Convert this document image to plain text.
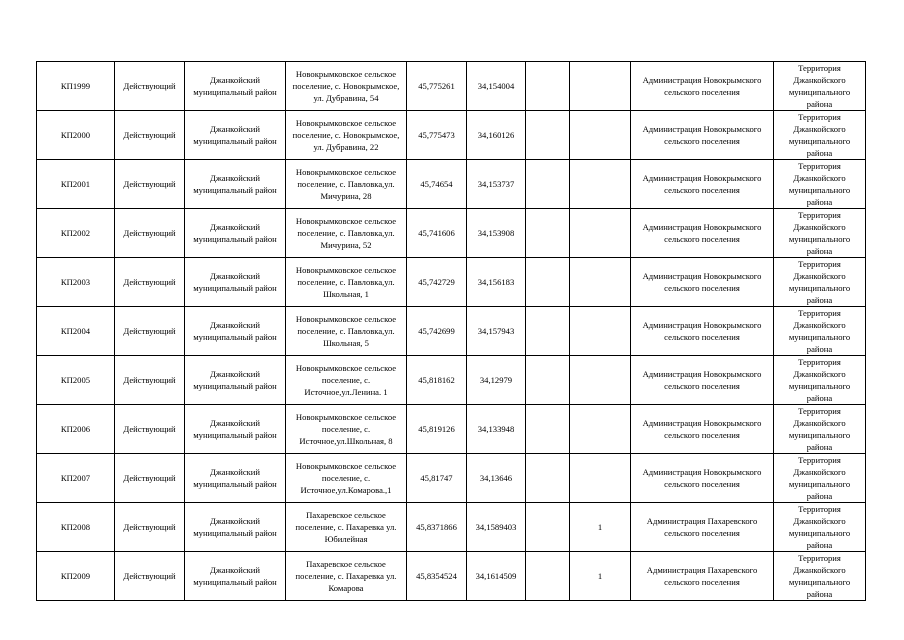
КП1999	Действующий	Джанкойский муниципальный район	Новокрымковское сельское поселение, с. Новокрымское, ул. Дубравина, 54	45,775261	34,154004			Администрация Новокрымского сельского поселения	Территория Джанкойского муниципального района

КП2000	Действующий	Джанкойский муниципальный район	Новокрымковское сельское поселение, с. Новокрымское, ул. Дубравина, 22	45,775473	34,160126			Администрация Новокрымского сельского поселения	Территория Джанкойского муниципального района

КП2001	Действующий	Джанкойский муниципальный район	Новокрымковское сельское поселение, с. Павловка,ул. Мичурина, 28	45,74654	34,153737			Администрация Новокрымского сельского поселения	Территория Джанкойского муниципального района

КП2002	Действующий	Джанкойский муниципальный район	Новокрымковское сельское поселение, с. Павловка,ул. Мичурина, 52	45,741606	34,153908			Администрация Новокрымского сельского поселения	Территория Джанкойского муниципального района

КП2003	Действующий	Джанкойский муниципальный район	Новокрымковское сельское поселение, с. Павловка,ул. Школьная, 1	45,742729	34,156183			Администрация Новокрымского сельского поселения	Территория Джанкойского муниципального района

КП2004	Действующий	Джанкойский муниципальный район	Новокрымковское сельское поселение, с. Павловка,ул. Школьная, 5	45,742699	34,157943			Администрация Новокрымского сельского поселения	Территория Джанкойского муниципального района

КП2005	Действующий	Джанкойский муниципальный район	Новокрымковское сельское поселение, с. Источное,ул.Ленина. 1	45,818162	34,12979			Администрация Новокрымского сельского поселения	Территория Джанкойского муниципального района

КП2006	Действующий	Джанкойский муниципальный район	Новокрымковское сельское поселение, с. Источное,ул.Школьная, 8	45,819126	34,133948			Администрация Новокрымского сельского поселения	Территория Джанкойского муниципального района

КП2007	Действующий	Джанкойский муниципальный район	Новокрымковское сельское поселение, с. Источное,ул.Комарова.,1	45,81747	34,13646			Администрация Новокрымского сельского поселения	Территория Джанкойского муниципального района

КП2008	Действующий	Джанкойский муниципальный район	Пахаревское сельское поселение, с. Пахаревка ул. Юбилейная	45,8371866	34,1589403		1	Администрация Пахаревского сельского поселения	Территория Джанкойского муниципального района

КП2009	Действующий	Джанкойский муниципальный район	Пахаревское сельское поселение, с. Пахаревка ул. Комарова	45,8354524	34,1614509		1	Администрация Пахаревского сельского поселения	Территория Джанкойского муниципального района
